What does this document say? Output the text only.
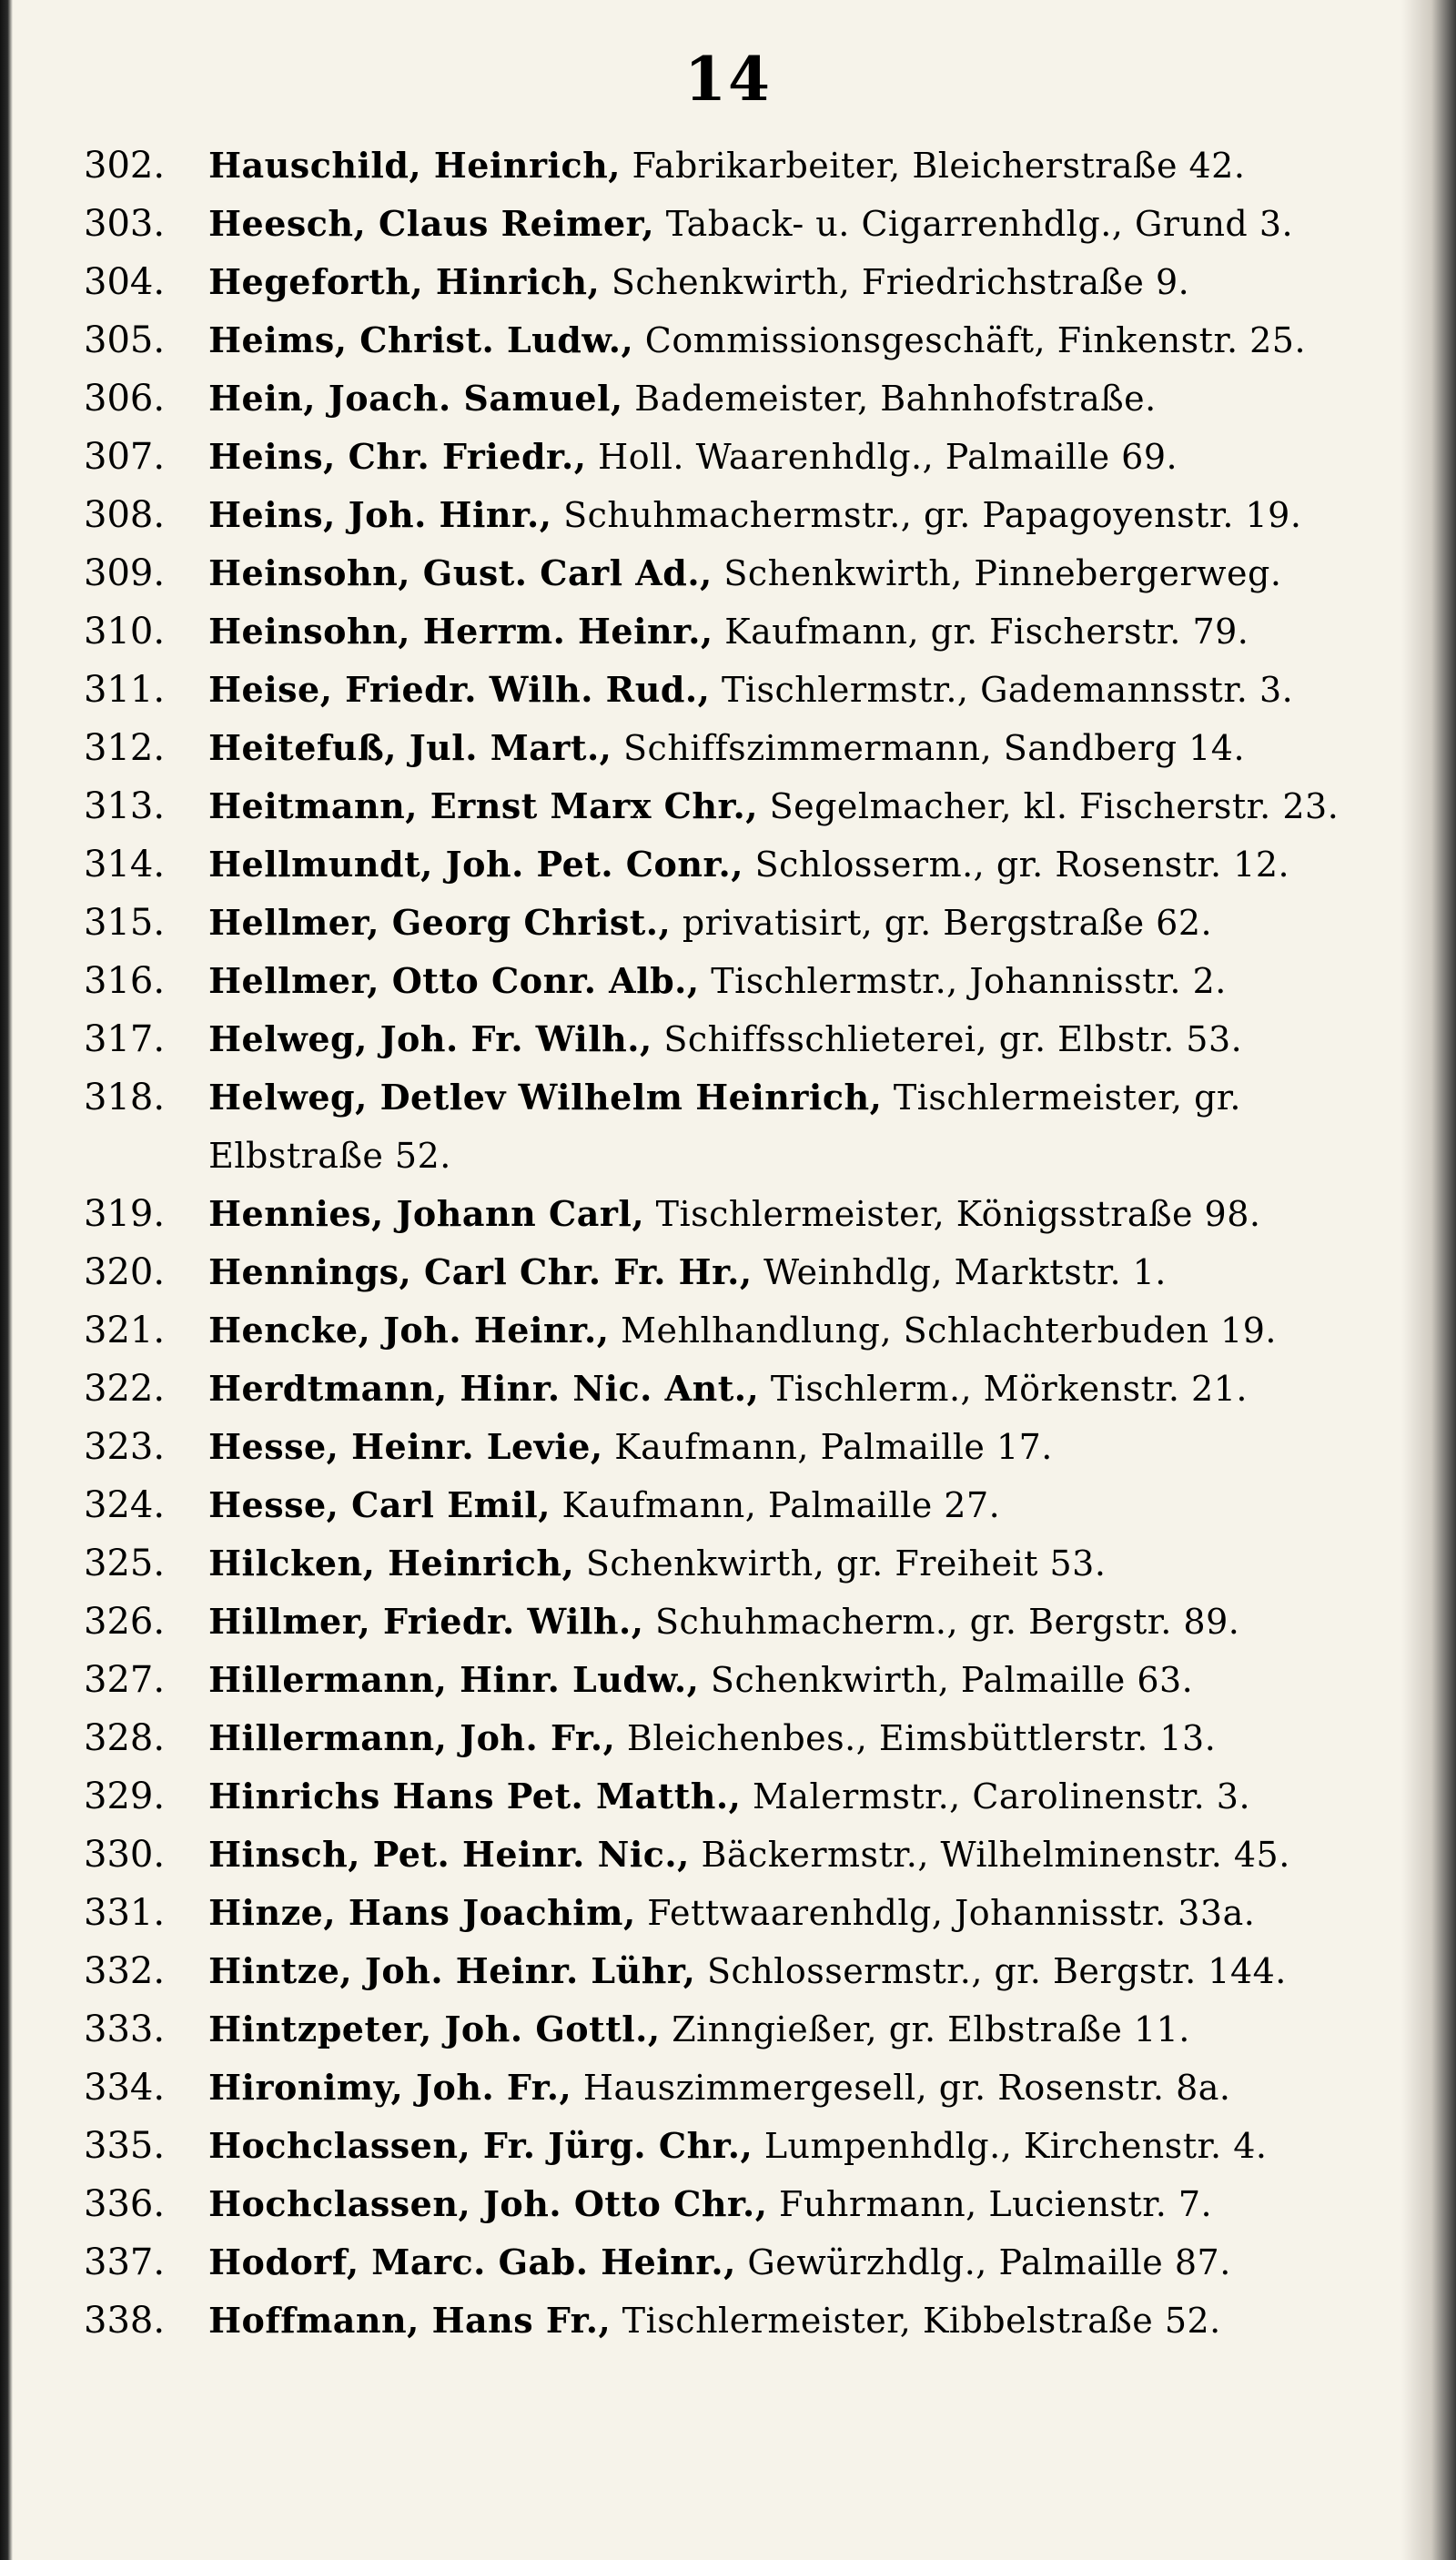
14
302.	Hauschild, Heinrich, Fabrikarbeiter, Bleicherstraße 42.
303.	Heesch, Claus Reimer, Taback- u. Cigarrenhdlg., Grund 3.
304.	Hegeforth, Hinrich, Schenkwirth, Friedrichstraße 9.
305.	Heims, Christ. Ludw., Commissionsgeschäft, Finkenstr. 25.
306.	Hein, Joach. Samuel, Bademeister, Bahnhofstraße.
307.	Heins, Chr. Friedr., Holl. Waarenhdlg., Palmaille 69.
308.	Heins, Joh. Hinr., Schuhmachermstr., gr. Papagoyenstr. 19.
309.	Heinsohn, Gust. Carl Ad., Schenkwirth, Pinnebergerweg.
310.	Heinsohn, Herrm. Heinr., Kaufmann, gr. Fischerstr. 79.
311.	Heise, Friedr. Wilh. Rud., Tischlermstr., Gademannsstr. 3.
312.	Heitefuß, Jul. Mart., Schiffszimmermann, Sandberg 14.
313.	Heitmann, Ernst Marx Chr., Segelmacher, kl. Fischerstr. 23.
314.	Hellmundt, Joh. Pet. Conr., Schlosserm., gr. Rosenstr. 12.
315.	Hellmer, Georg Christ., privatisirt, gr. Bergstraße 62.
316.	Hellmer, Otto Conr. Alb., Tischlermstr., Johannisstr. 2.
317.	Helweg, Joh. Fr. Wilh., Schiffsschlieterei, gr. Elbstr. 53.
318.	Helweg, Detlev Wilhelm Heinrich, Tischlermeister, gr. Elbstraße 52.
319.	Hennies, Johann Carl, Tischlermeister, Königsstraße 98.
320.	Hennings, Carl Chr. Fr. Hr., Weinhdlg, Marktstr. 1.
321.	Hencke, Joh. Heinr., Mehlhandlung, Schlachterbuden 19.
322.	Herdtmann, Hinr. Nic. Ant., Tischlerm., Mörkenstr. 21.
323.	Hesse, Heinr. Levie, Kaufmann, Palmaille 17.
324.	Hesse, Carl Emil, Kaufmann, Palmaille 27.
325.	Hilcken, Heinrich, Schenkwirth, gr. Freiheit 53.
326.	Hillmer, Friedr. Wilh., Schuhmacherm., gr. Bergstr. 89.
327.	Hillermann, Hinr. Ludw., Schenkwirth, Palmaille 63.
328.	Hillermann, Joh. Fr., Bleichenbes., Eimsbüttlerstr. 13.
329.	Hinrichs Hans Pet. Matth., Malermstr., Carolinenstr. 3.
330.	Hinsch, Pet. Heinr. Nic., Bäckermstr., Wilhelminenstr. 45.
331.	Hinze, Hans Joachim, Fettwaarenhdlg, Johannisstr. 33a.
332.	Hintze, Joh. Heinr. Lühr, Schlossermstr., gr. Bergstr. 144.
333.	Hintzpeter, Joh. Gottl., Zinngießer, gr. Elbstraße 11.
334.	Hironimy, Joh. Fr., Hauszimmergesell, gr. Rosenstr. 8a.
335.	Hochclassen, Fr. Jürg. Chr., Lumpenhdlg., Kirchenstr. 4.
336.	Hochclassen, Joh. Otto Chr., Fuhrmann, Lucienstr. 7.
337.	Hodorf, Marc. Gab. Heinr., Gewürzhdlg., Palmaille 87.
338.	Hoffmann, Hans Fr., Tischlermeister, Kibbelstraße 52.
